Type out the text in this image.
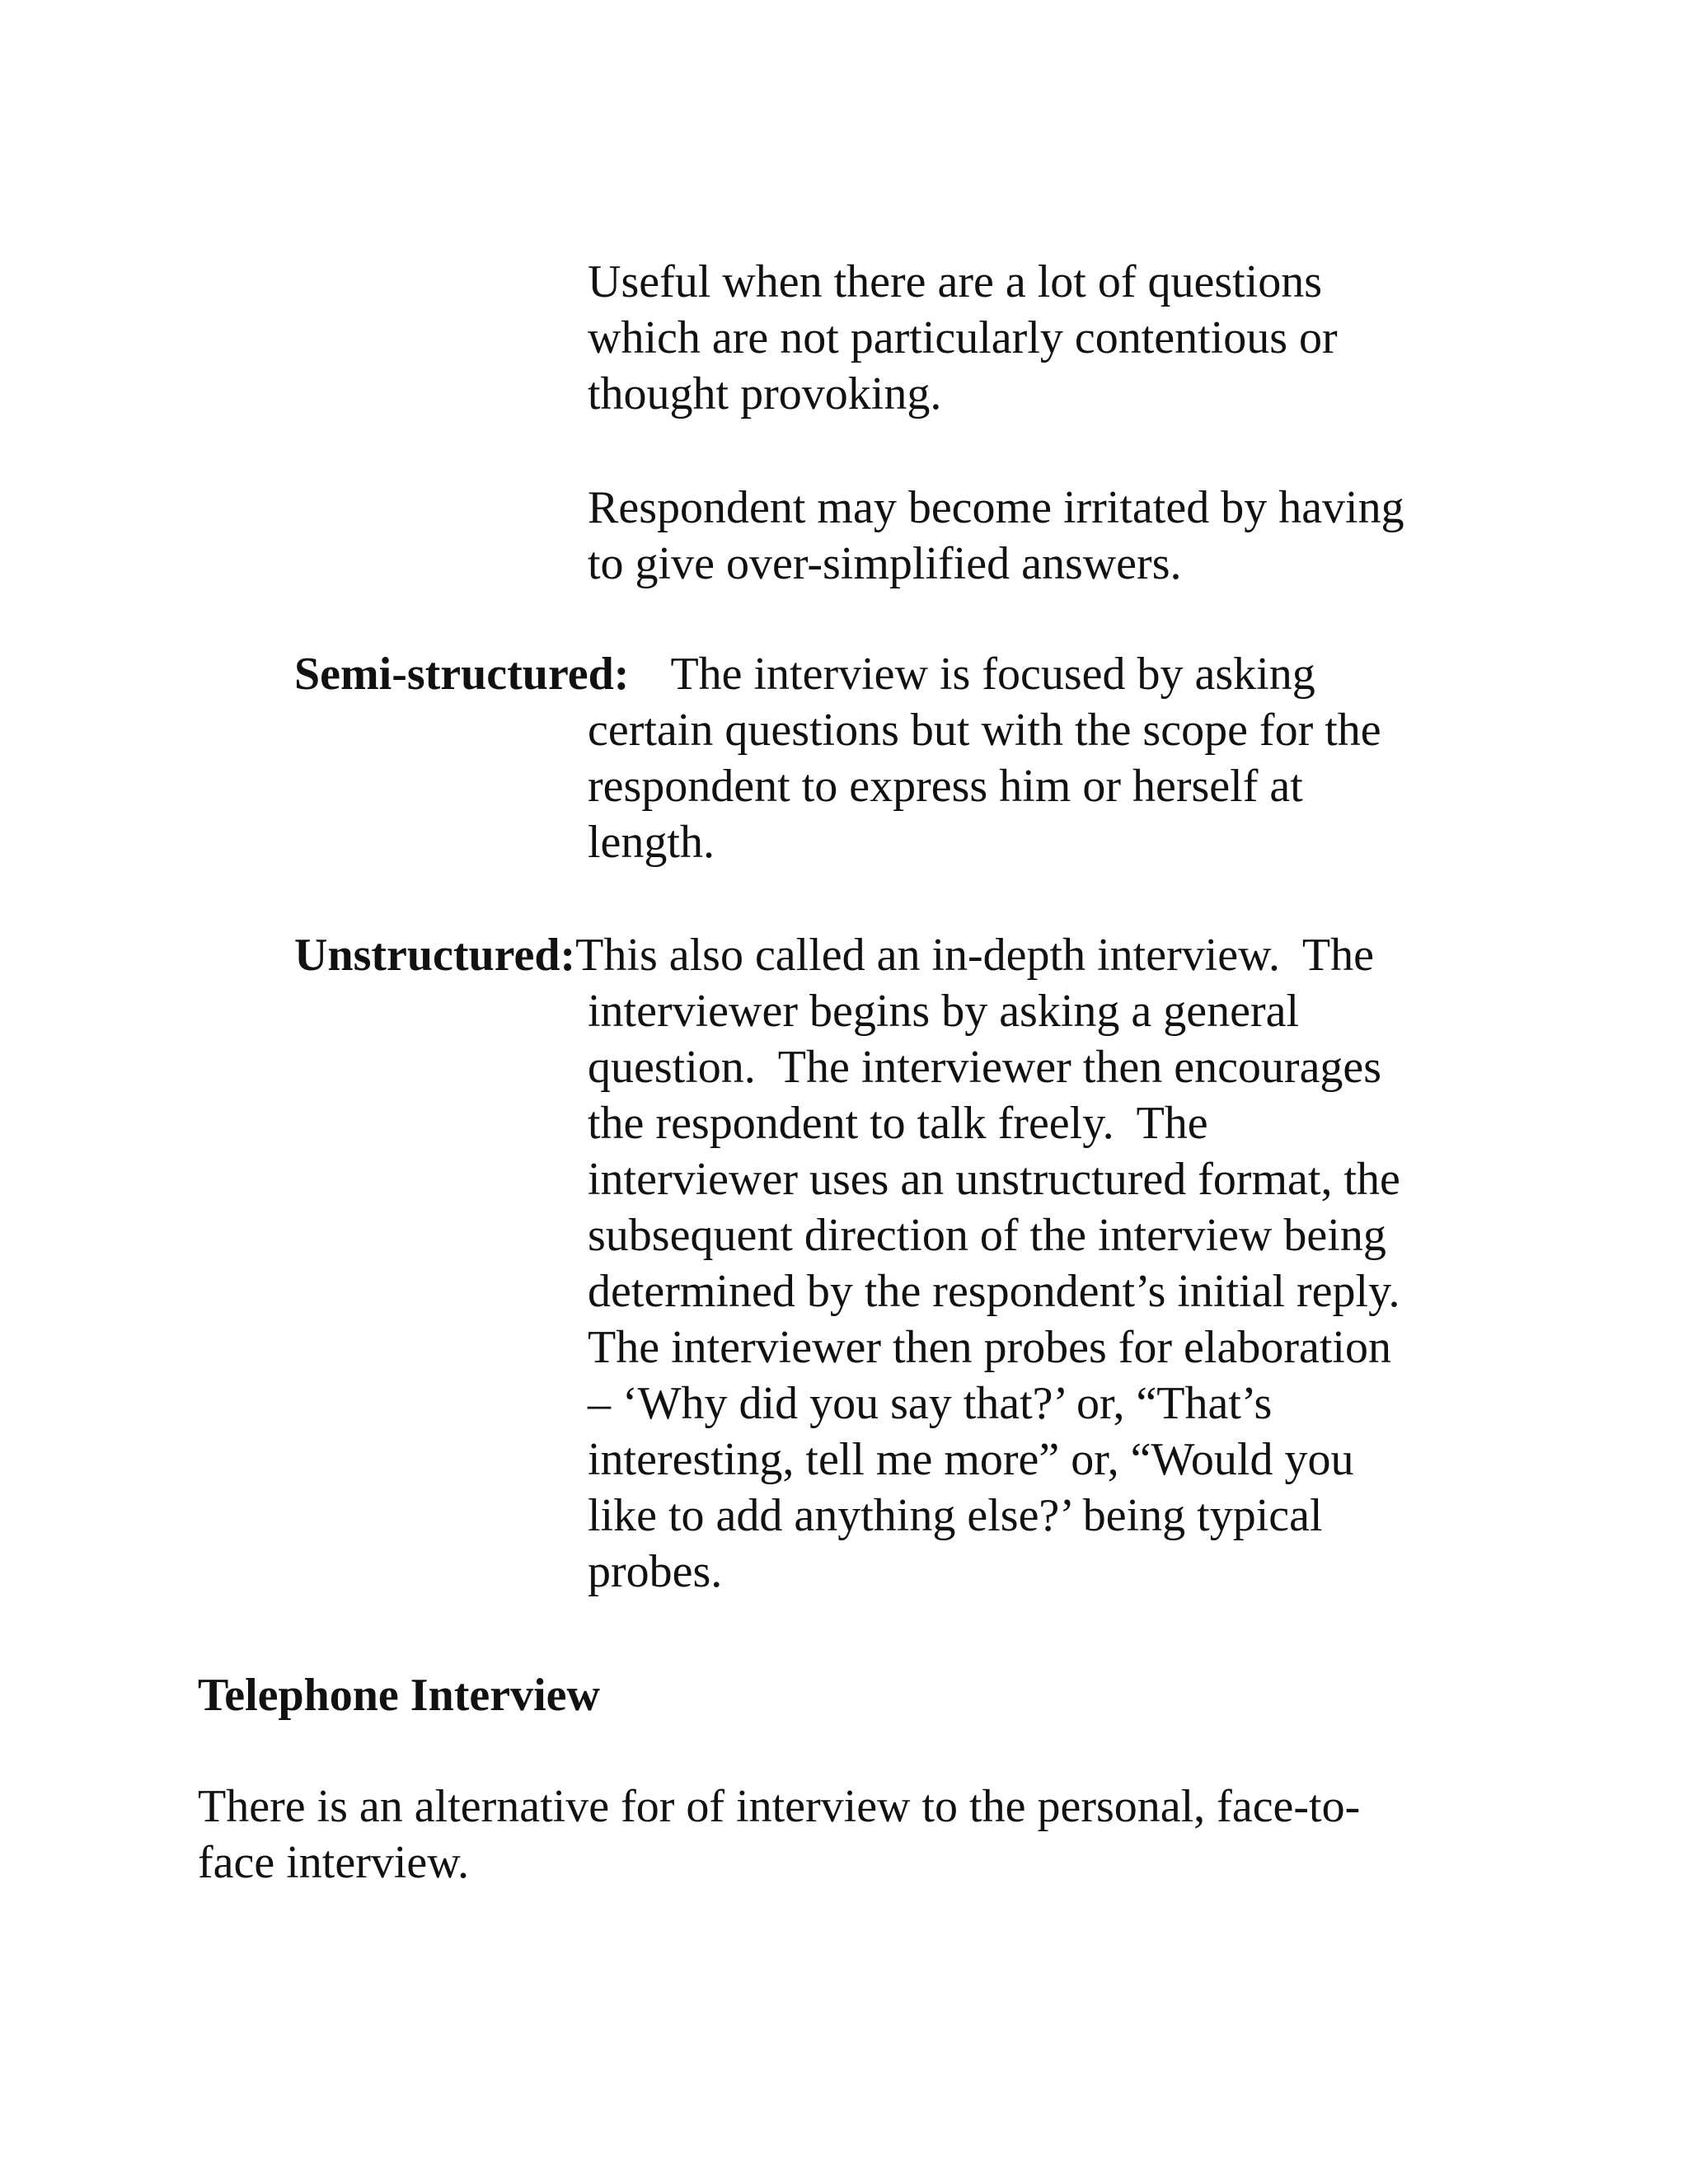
Useful when there are a lot of questions
which are not particularly contentious or
thought provoking.
Respondent may become irritated by having
to give over-simplified answers.
Semi-structured: The interview is focused by asking
certain questions but with the scope for the
respondent to express him or herself at
length.
Unstructured:This also called an in-depth interview.  The
interviewer begins by asking a general
question.  The interviewer then encourages
the respondent to talk freely.  The
interviewer uses an unstructured format, the
subsequent direction of the interview being
determined by the respondent’s initial reply.
The interviewer then probes for elaboration
– ‘Why did you say that?’ or, “That’s
interesting, tell me more” or, “Would you
like to add anything else?’ being typical
probes.
Telephone Interview
There is an alternative for of interview to the personal, face-to-
face interview.
